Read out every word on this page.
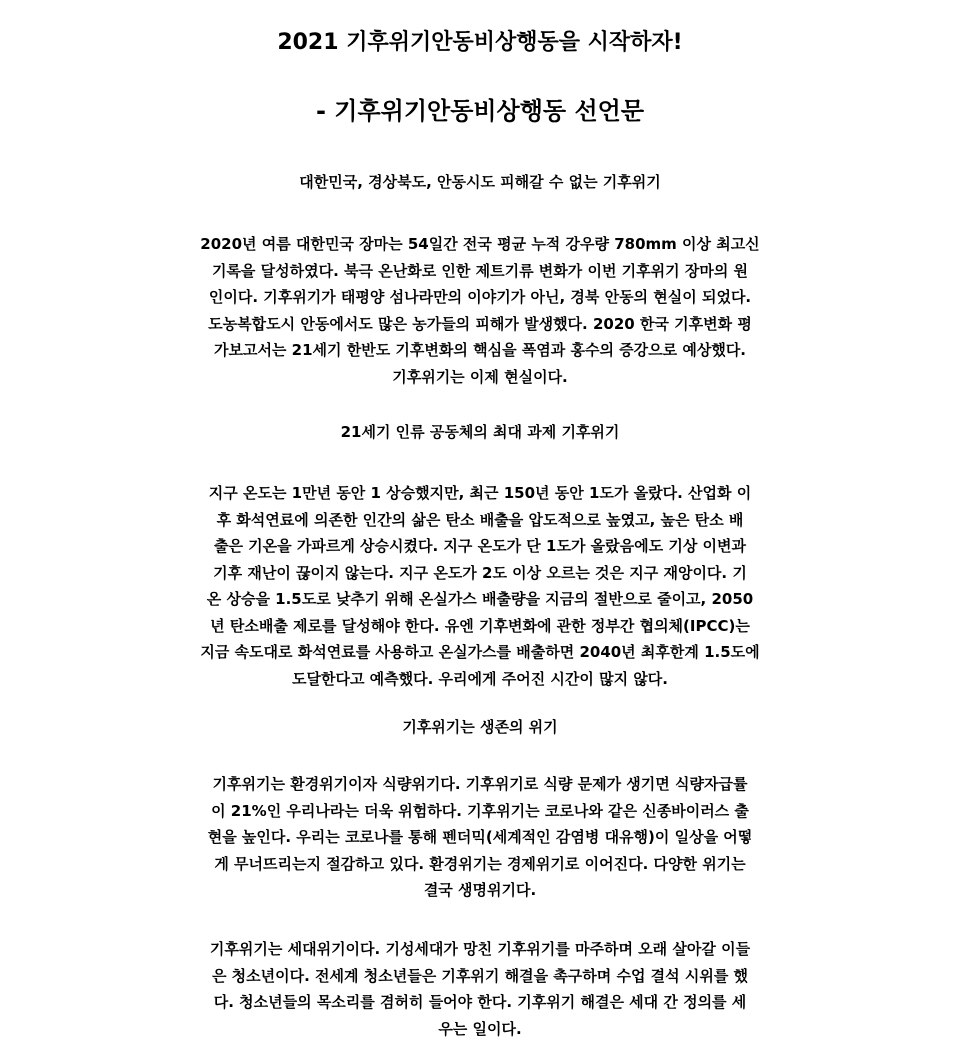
2021 기후위기안동비상행동을 시작하자!
- 기후위기안동비상행동 선언문
대한민국, 경상북도, 안동시도 피해갈 수 없는 기후위기
2020년 여름 대한민국 장마는 54일간 전국 평균 누적 강우량 780mm 이상 최고신
기록을 달성하였다. 북극 온난화로 인한 제트기류 변화가 이번 기후위기 장마의 원
인이다. 기후위기가 태평양 섬나라만의 이야기가 아닌, 경북 안동의 현실이 되었다.
도농복합도시 안동에서도 많은 농가들의 피해가 발생했다. 2020 한국 기후변화 평
가보고서는 21세기 한반도 기후변화의 핵심을 폭염과 홍수의 증강으로 예상했다.
기후위기는 이제 현실이다.
21세기 인류 공동체의 최대 과제 기후위기
지구 온도는 1만년 동안 1 상승했지만, 최근 150년 동안 1도가 올랐다. 산업화 이
후 화석연료에 의존한 인간의 삶은 탄소 배출을 압도적으로 높였고, 높은 탄소 배
출은 기온을 가파르게 상승시켰다. 지구 온도가 단 1도가 올랐음에도 기상 이변과
기후 재난이 끊이지 않는다. 지구 온도가 2도 이상 오르는 것은 지구 재앙이다. 기
온 상승을 1.5도로 낮추기 위해 온실가스 배출량을 지금의 절반으로 줄이고, 2050
년 탄소배출 제로를 달성해야 한다. 유엔 기후변화에 관한 정부간 협의체(IPCC)는
지금 속도대로 화석연료를 사용하고 온실가스를 배출하면 2040년 최후한계 1.5도에
도달한다고 예측했다. 우리에게 주어진 시간이 많지 않다.
기후위기는 생존의 위기
기후위기는 환경위기이자 식량위기다. 기후위기로 식량 문제가 생기면 식량자급률
이 21%인 우리나라는 더욱 위험하다. 기후위기는 코로나와 같은 신종바이러스 출
현을 높인다. 우리는 코로나를 통해 펜더믹(세계적인 감염병 대유행)이 일상을 어떻
게 무너뜨리는지 절감하고 있다. 환경위기는 경제위기로 이어진다. 다양한 위기는
결국 생명위기다.
기후위기는 세대위기이다. 기성세대가 망친 기후위기를 마주하며 오래 살아갈 이들
은 청소년이다. 전세계 청소년들은 기후위기 해결을 촉구하며 수업 결석 시위를 했
다. 청소년들의 목소리를 겸허히 들어야 한다. 기후위기 해결은 세대 간 정의를 세
우는 일이다.
